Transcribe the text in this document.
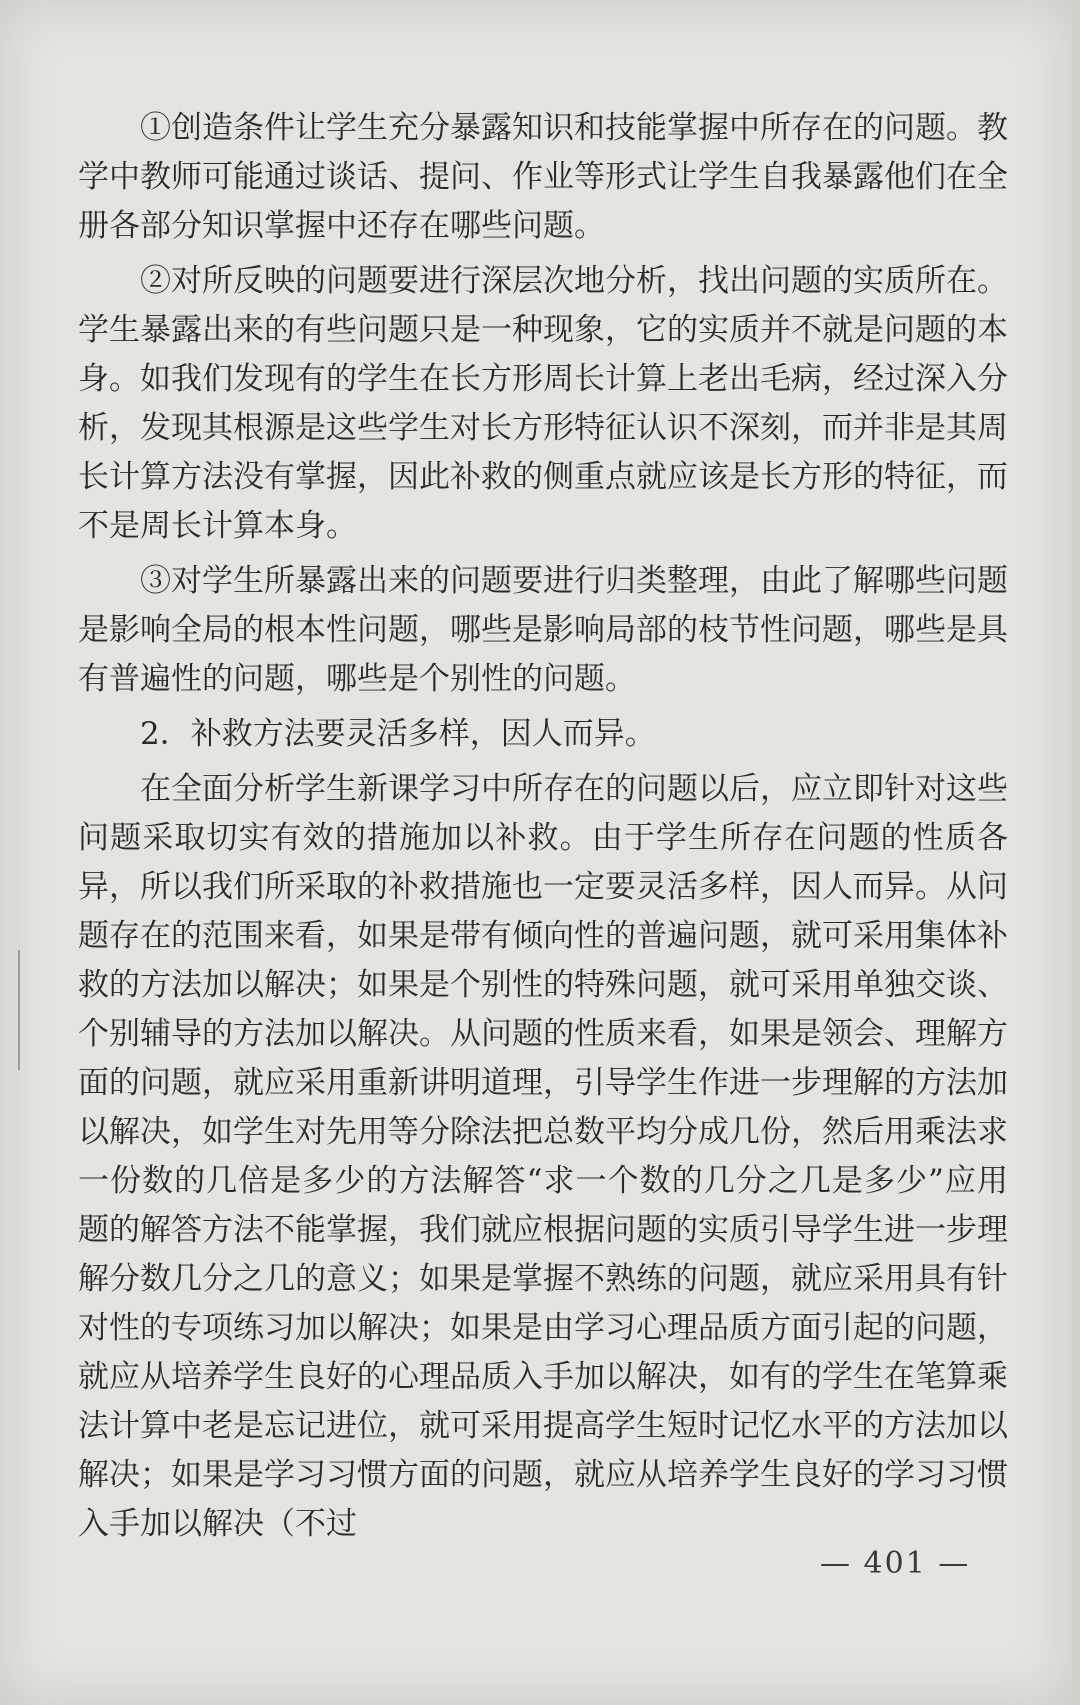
①创造条件让学生充分暴露知识和技能掌握中所存在的问题。教学中教师可能通过谈话、提问、作业等形式让学生自我暴露他们在全册各部分知识掌握中还存在哪些问题。

②对所反映的问题要进行深层次地分析，找出问题的实质所在。学生暴露出来的有些问题只是一种现象，它的实质并不就是问题的本身。如我们发现有的学生在长方形周长计算上老出毛病，经过深入分析，发现其根源是这些学生对长方形特征认识不深刻，而并非是其周长计算方法没有掌握，因此补救的侧重点就应该是长方形的特征，而不是周长计算本身。

③对学生所暴露出来的问题要进行归类整理，由此了解哪些问题是影响全局的根本性问题，哪些是影响局部的枝节性问题，哪些是具有普遍性的问题，哪些是个别性的问题。

2．补救方法要灵活多样，因人而异。

在全面分析学生新课学习中所存在的问题以后，应立即针对这些问题采取切实有效的措施加以补救。由于学生所存在问题的性质各异，所以我们所采取的补救措施也一定要灵活多样，因人而异。从问题存在的范围来看，如果是带有倾向性的普遍问题，就可采用集体补救的方法加以解决；如果是个别性的特殊问题，就可采用单独交谈、个别辅导的方法加以解决。从问题的性质来看，如果是领会、理解方面的问题，就应采用重新讲明道理，引导学生作进一步理解的方法加以解决，如学生对先用等分除法把总数平均分成几份，然后用乘法求一份数的几倍是多少的方法解答“求一个数的几分之几是多少”应用题的解答方法不能掌握，我们就应根据问题的实质引导学生进一步理解分数几分之几的意义；如果是掌握不熟练的问题，就应采用具有针对性的专项练习加以解决；如果是由学习心理品质方面引起的问题，就应从培养学生良好的心理品质入手加以解决，如有的学生在笔算乘法计算中老是忘记进位，就可采用提高学生短时记忆水平的方法加以解决；如果是学习习惯方面的问题，就应从培养学生良好的学习习惯入手加以解决（不过

— 401 —
